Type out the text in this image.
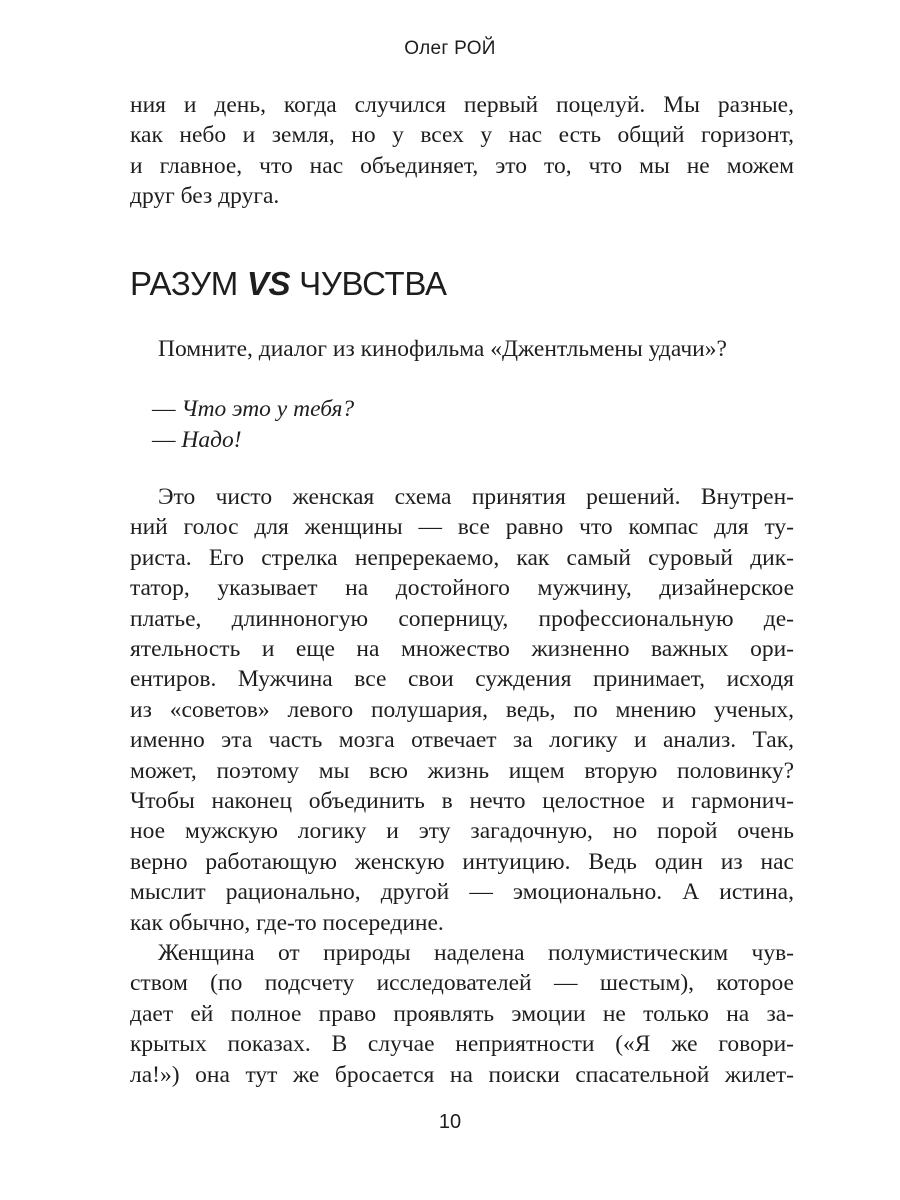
Олег РОЙ
ния и день, когда случился первый поцелуй. Мы разные,
как небо и земля, но у всех у нас есть общий горизонт,
и главное, что нас объединяет, это то, что мы не можем
друг без друга.
РАЗУМ VS ЧУВСТВА
Помните, диалог из кинофильма «Джентльмены удачи»?
— Что это у тебя?
— Надо!
Это чисто женская схема принятия решений. Внутрен-
ний голос для женщины — все равно что компас для ту-
риста. Его стрелка непререкаемо, как самый суровый дик-
татор, указывает на достойного мужчину, дизайнерское
платье, длинноногую соперницу, профессиональную де-
ятельность и еще на множество жизненно важных ори-
ентиров. Мужчина все свои суждения принимает, исходя
из «советов» левого полушария, ведь, по мнению ученых,
именно эта часть мозга отвечает за логику и анализ. Так,
может, поэтому мы всю жизнь ищем вторую половинку?
Чтобы наконец объединить в нечто целостное и гармонич-
ное мужскую логику и эту загадочную, но порой очень
верно работающую женскую интуицию. Ведь один из нас
мыслит рационально, другой — эмоционально. А истина,
как обычно, где-то посередине.
Женщина от природы наделена полумистическим чув-
ством (по подсчету исследователей — шестым), которое
дает ей полное право проявлять эмоции не только на за-
крытых показах. В случае неприятности («Я же говори-
ла!») она тут же бросается на поиски спасательной жилет-
10
